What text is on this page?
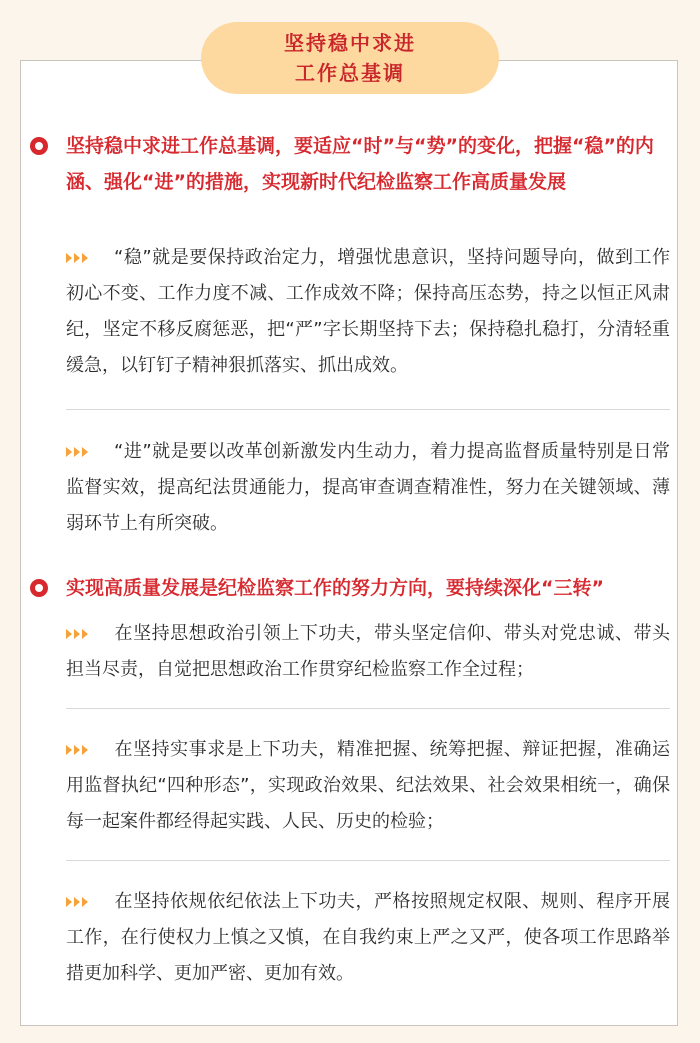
坚持稳中求进
工作总基调
坚持稳中求进工作总基调，要适应“时”与“势”的变化，把握“稳”的内涵、强化“进”的措施，实现新时代纪检监察工作高质量发展
“稳”就是要保持政治定力，增强忧患意识，坚持问题导向，做到工作初心不变、工作力度不减、工作成效不降；保持高压态势，持之以恒正风肃纪，坚定不移反腐惩恶，把“严”字长期坚持下去；保持稳扎稳打，分清轻重缓急，以钉钉子精神狠抓落实、抓出成效。
“进”就是要以改革创新激发内生动力，着力提高监督质量特别是日常监督实效，提高纪法贯通能力，提高审查调查精准性，努力在关键领域、薄弱环节上有所突破。
实现高质量发展是纪检监察工作的努力方向，要持续深化“三转”
在坚持思想政治引领上下功夫，带头坚定信仰、带头对党忠诚、带头担当尽责，自觉把思想政治工作贯穿纪检监察工作全过程；
在坚持实事求是上下功夫，精准把握、统筹把握、辩证把握，准确运用监督执纪“四种形态”，实现政治效果、纪法效果、社会效果相统一，确保每一起案件都经得起实践、人民、历史的检验；
在坚持依规依纪依法上下功夫，严格按照规定权限、规则、程序开展工作，在行使权力上慎之又慎，在自我约束上严之又严，使各项工作思路举措更加科学、更加严密、更加有效。
